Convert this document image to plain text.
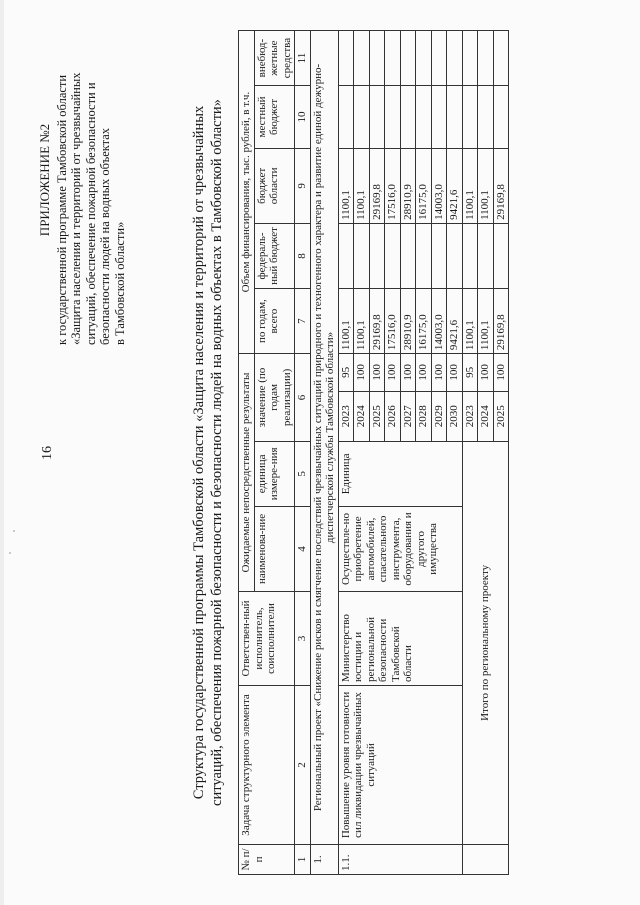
16
ПРИЛОЖЕНИЕ №2 к государственной программе Тамбовской области «Защита населения и территорий от чрезвычайных ситуаций, обеспечение пожарной безопасности и безопасности людей на водных объектах в Тамбовской области»	Структура государственной программы Тамбовской области «Защита населения и территорий от чрезвычайных ситуаций, обеспечения пожарной безопасности и безопасности людей на водных объектах в Тамбовской области»
№ п/п	Задача структурного элемента	Ответствен-ный исполнитель, соисполнители	Ожидаемые непосредственные результаты				Объем финансирования, тыс. рублей, в т.ч.				
			наименова-ние	единица измере-ния	значение (по годам реализации)		по годам, всего	федераль-ный бюджет	бюджет области	местный бюджет	внебюд-жетные средства
1	2	3	4	5	6		7	8	9	10	11
1.	Региональный проект «Снижение рисков и смягчение последствий чрезвычайных ситуаций природного и техногенного характера и развитие единой дежурно-диспетчерской службы Тамбовской области»										
1.1.	Повышение уровня готовности сил ликвидации чрезвычайных ситуаций	Министерство юстиции и региональной безопасности Тамбовской области	Осуществле-но приобретение автомобилей, спасательного инструмента, оборудования и другого имущества	Единица	2023	95	1100,1		1100,1		
					2024	100	1100,1		1100,1		
					2025	100	29169,8		29169,8		
					2026	100	17516,0		17516,0		
					2027	100	28910,9		28910,9		
					2028	100	16175,0		16175,0		
					2029	100	14003,0		14003,0		
					2030	100	9421,6		9421,6		
	Итого по региональному проекту				2023	95	1100,1		1100,1		
					2024	100	1100,1		1100,1		
					2025	100	29169,8		29169,8		
